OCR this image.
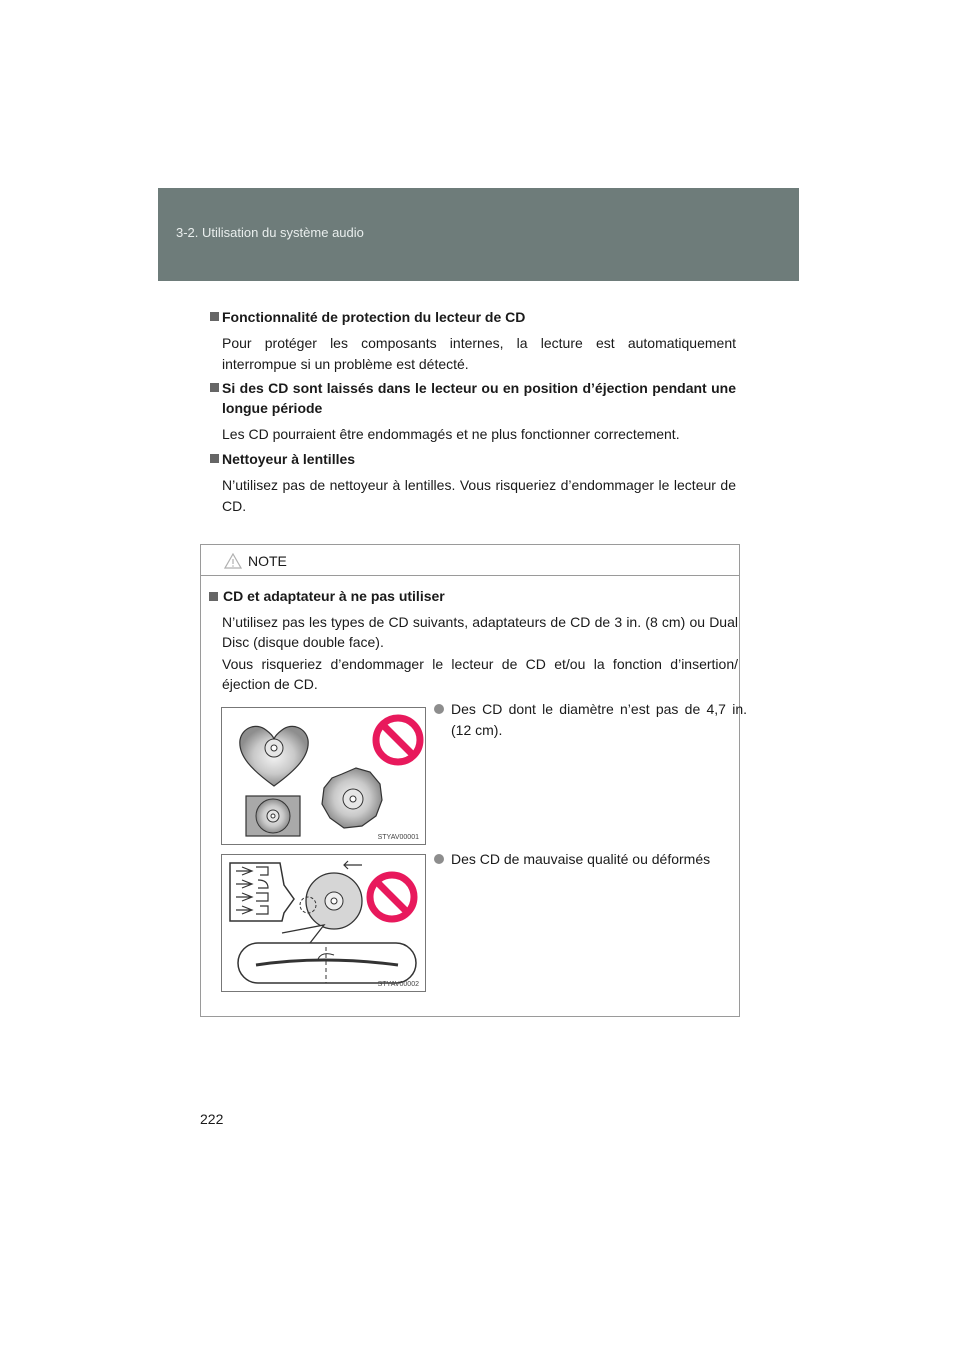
3-2. Utilisation du système audio
Fonctionnalité de protection du lecteur de CD
Pour protéger les composants internes, la lecture est automatiquement interrompue si un problème est détecté.
Si des CD sont laissés dans le lecteur ou en position d’éjection pendant une longue période
Les CD pourraient être endommagés et ne plus fonctionner correctement.
Nettoyeur à lentilles
N’utilisez pas de nettoyeur à lentilles. Vous risqueriez d’endommager le lecteur de CD.
NOTE
CD et adaptateur à ne pas utiliser
N’utilisez pas les types de CD suivants, adaptateurs de CD de 3 in. (8 cm) ou Dual Disc (disque double face).
Vous risqueriez d’endommager le lecteur de CD et/ou la fonction d’insertion/ éjection de CD.
STYAV00001
STYAV00002
Des CD dont le diamètre n’est pas de 4,7 in. (12 cm).
Des CD de mauvaise qualité ou déformés
222
